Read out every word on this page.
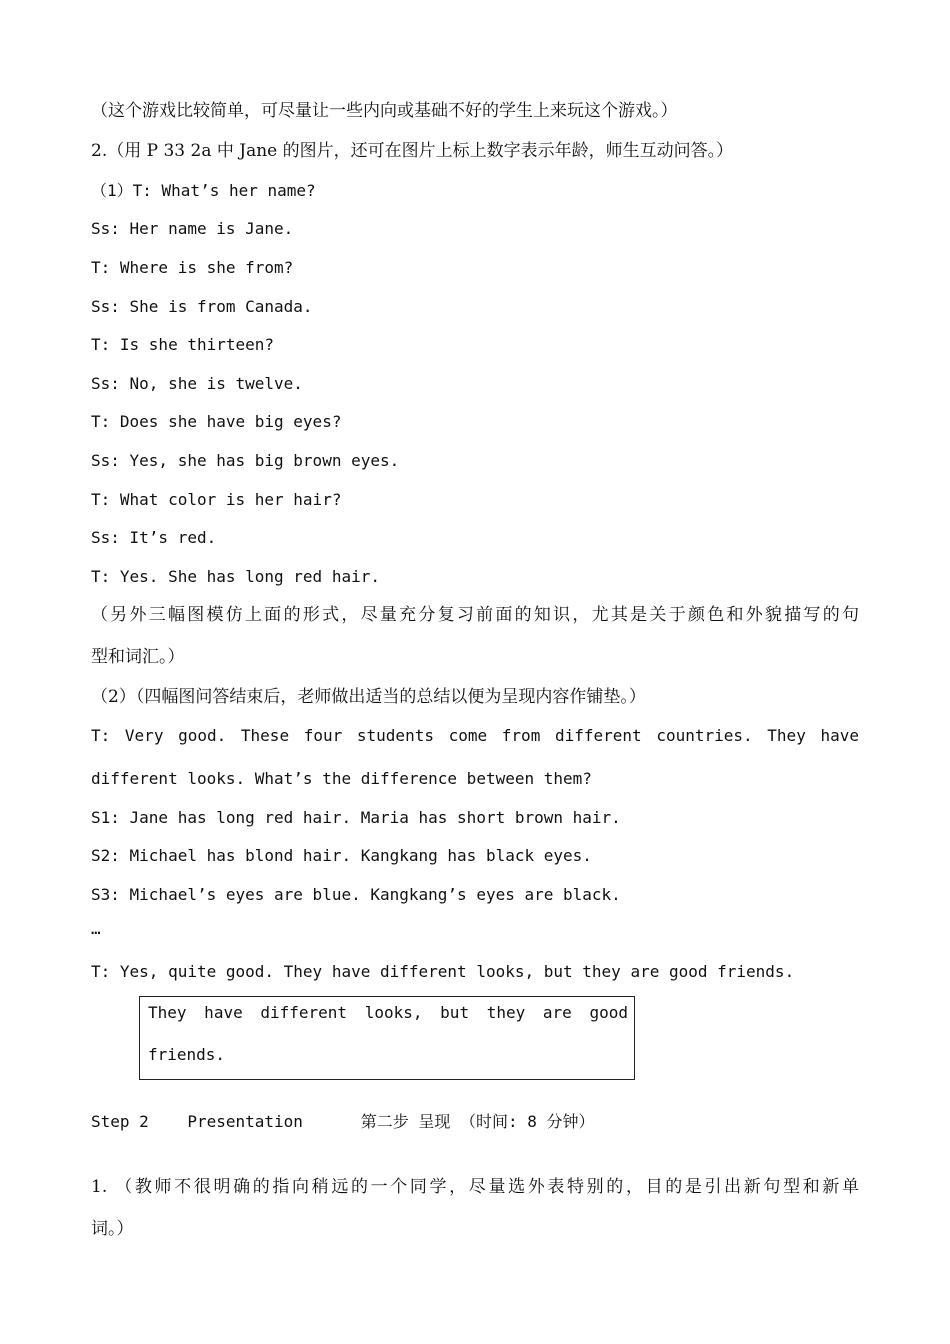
（这个游戏比较简单，可尽量让一些内向或基础不好的学生上来玩这个游戏。）
2.（用 P 33 2a 中 Jane 的图片，还可在图片上标上数字表示年龄，师生互动问答。）
（1）T: What’s her name?
Ss: Her name is Jane.
T: Where is she from?
Ss: She is from Canada.
T: Is she thirteen?
Ss: No, she is twelve.
T: Does she have big eyes?
Ss: Yes, she has big brown eyes.
T: What color is her hair?
Ss: It’s red.
T: Yes. She has long red hair.
（另外三幅图模仿上面的形式，尽量充分复习前面的知识，尤其是关于颜色和外貌描写的句
型和词汇。）
（2）（四幅图问答结束后，老师做出适当的总结以便为呈现内容作铺垫。）
T: Very good. These four students come from different countries. They have
different looks. What’s the difference between them?
S1: Jane has long red hair. Maria has short brown hair.
S2: Michael has blond hair. Kangkang has black eyes.
S3: Michael’s eyes are blue. Kangkang’s eyes are black.
…
T: Yes, quite good. They have different looks, but they are good friends.
They have different looks, but they are good
friends.
Step 2    Presentation      第二步 呈现 （时间: 8 分钟）
1. （教师不很明确的指向稍远的一个同学，尽量选外表特别的，目的是引出新句型和新单
词。）
